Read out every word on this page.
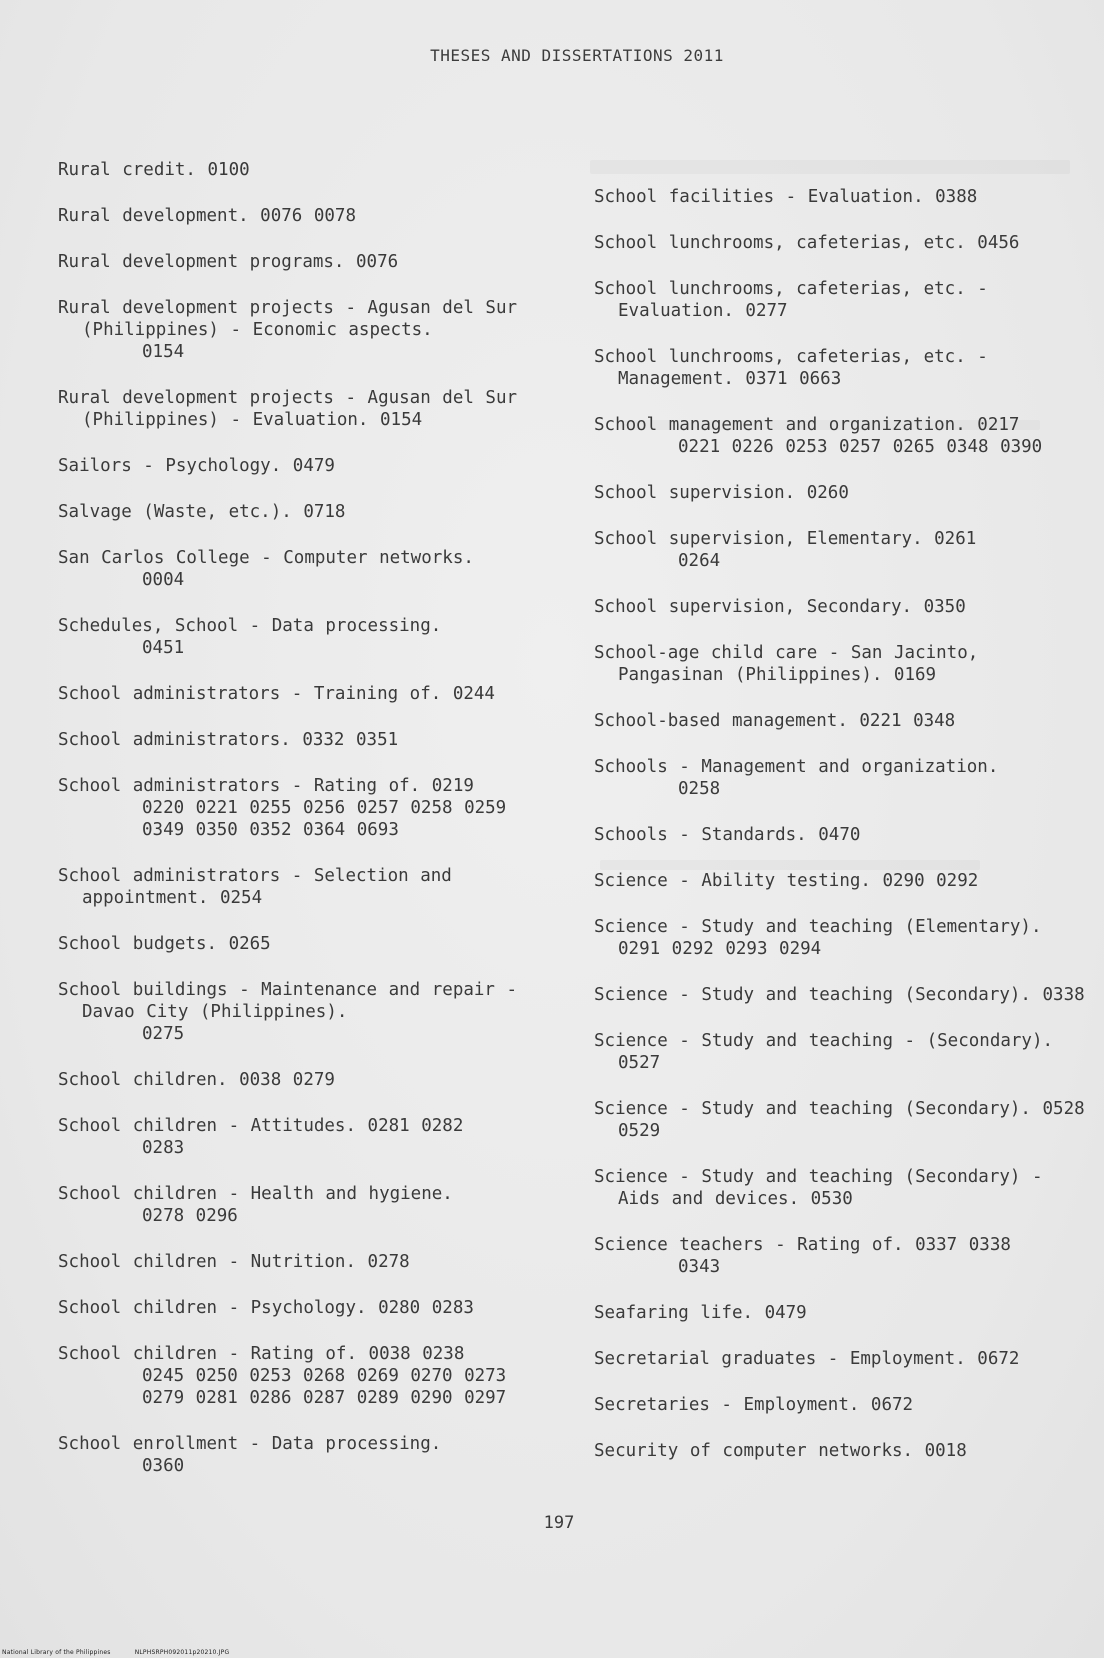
THESES AND DISSERTATIONS 2011
Rural credit. 0100
Rural development. 0076 0078
Rural development programs. 0076
Rural development projects - Agusan del Sur (Philippines) - Economic aspects.
0154
Rural development projects - Agusan del Sur (Philippines) - Evaluation. 0154
Sailors - Psychology. 0479
Salvage (Waste, etc.). 0718
San Carlos College - Computer networks.
0004
Schedules, School - Data processing.
0451
School administrators - Training of. 0244
School administrators. 0332 0351
School administrators - Rating of. 0219
0220 0221 0255 0256 0257 0258 0259
0349 0350 0352 0364 0693
School administrators - Selection and appointment. 0254
School budgets. 0265
School buildings - Maintenance and repair - Davao City (Philippines).
0275
School children. 0038 0279
School children - Attitudes. 0281 0282
0283
School children - Health and hygiene.
0278 0296
School children - Nutrition. 0278
School children - Psychology. 0280 0283
School children - Rating of. 0038 0238
0245 0250 0253 0268 0269 0270 0273
0279 0281 0286 0287 0289 0290 0297
School enrollment - Data processing.
0360
School facilities - Evaluation. 0388
School lunchrooms, cafeterias, etc. 0456
School lunchrooms, cafeterias, etc. - Evaluation. 0277
School lunchrooms, cafeterias, etc. - Management. 0371 0663
School management and organization. 0217
0221 0226 0253 0257 0265 0348 0390
School supervision. 0260
School supervision, Elementary. 0261
0264
School supervision, Secondary. 0350
School-age child care - San Jacinto, Pangasinan (Philippines). 0169
School-based management. 0221 0348
Schools - Management and organization.
0258
Schools - Standards. 0470
Science - Ability testing. 0290 0292
Science - Study and teaching (Elementary). 0291 0292 0293 0294
Science - Study and teaching (Secondary). 0338
Science - Study and teaching - (Secondary). 0527
Science - Study and teaching (Secondary). 0528 0529
Science - Study and teaching (Secondary) - Aids and devices. 0530
Science teachers - Rating of. 0337 0338
0343
Seafaring life. 0479
Secretarial graduates - Employment. 0672
Secretaries - Employment. 0672
Security of computer networks. 0018
197
National Library of the Philippines	NLPHSRPH092011p20210.JPG
